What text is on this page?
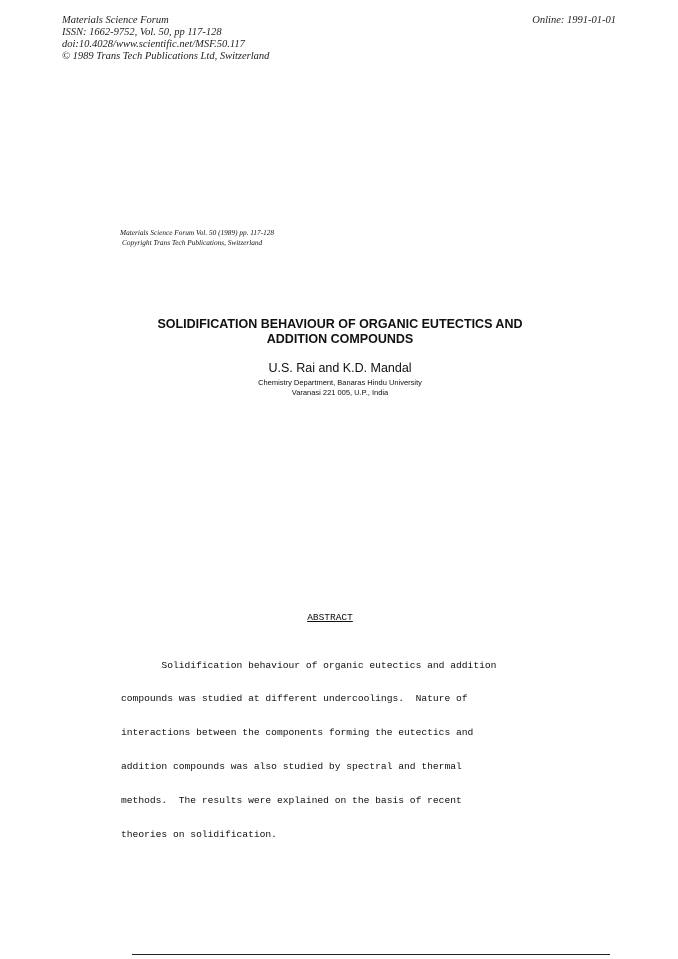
Materials Science Forum
ISSN: 1662-9752, Vol. 50, pp 117-128
doi:10.4028/www.scientific.net/MSF.50.117
© 1989 Trans Tech Publications Ltd, Switzerland
Online: 1991-01-01
Materials Science Forum Vol. 50 (1989) pp. 117-128
Copyright Trans Tech Publications, Switzerland
SOLIDIFICATION BEHAVIOUR OF ORGANIC EUTECTICS AND
ADDITION COMPOUNDS
U.S. Rai and K.D. Mandal
Chemistry Department, Banaras Hindu University
Varanasi 221 005, U.P., India
ABSTRACT

Solidification behaviour of organic eutectics and addition

compounds was studied at different undercoolings.  Nature of

interactions between the components forming the eutectics and

addition compounds was also studied by spectral and thermal

methods.  The results were explained on the basis of recent

theories on solidification.
